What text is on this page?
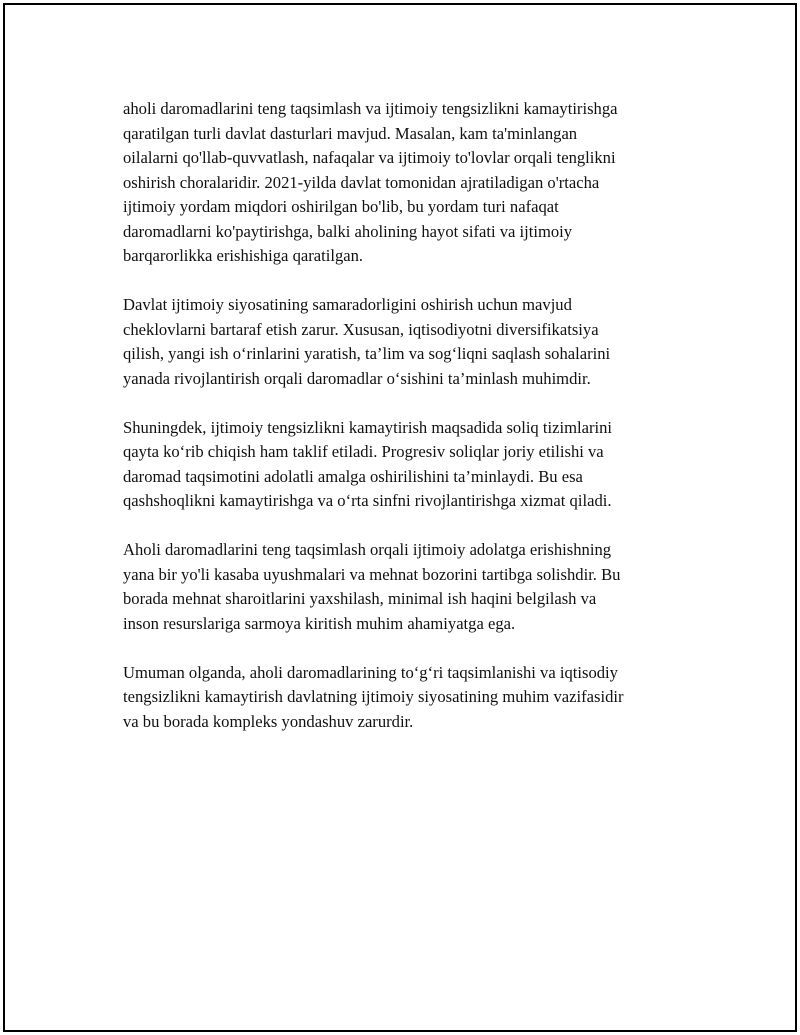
aholi daromadlarini teng taqsimlash va ijtimoiy tengsizlikni kamaytirishga
qaratilgan turli davlat dasturlari mavjud. Masalan, kam ta'minlangan
oilalarni qo'llab-quvvatlash, nafaqalar va ijtimoiy to'lovlar orqali tenglikni
oshirish choralaridir. 2021-yilda davlat tomonidan ajratiladigan o'rtacha
ijtimoiy yordam miqdori oshirilgan bo'lib, bu yordam turi nafaqat
daromadlarni ko'paytirishga, balki aholining hayot sifati va ijtimoiy
barqarorlikka erishishiga qaratilgan.

Davlat ijtimoiy siyosatining samaradorligini oshirish uchun mavjud
cheklovlarni bartaraf etish zarur. Xususan, iqtisodiyotni diversifikatsiya
qilish, yangi ish o‘rinlarini yaratish, ta’lim va sog‘liqni saqlash sohalarini
yanada rivojlantirish orqali daromadlar o‘sishini ta’minlash muhimdir.

Shuningdek, ijtimoiy tengsizlikni kamaytirish maqsadida soliq tizimlarini
qayta ko‘rib chiqish ham taklif etiladi. Progresiv soliqlar joriy etilishi va
daromad taqsimotini adolatli amalga oshirilishini ta’minlaydi. Bu esa
qashshoqlikni kamaytirishga va o‘rta sinfni rivojlantirishga xizmat qiladi.

Aholi daromadlarini teng taqsimlash orqali ijtimoiy adolatga erishishning
yana bir yo'li kasaba uyushmalari va mehnat bozorini tartibga solishdir. Bu
borada mehnat sharoitlarini yaxshilash, minimal ish haqini belgilash va
inson resurslariga sarmoya kiritish muhim ahamiyatga ega.

Umuman olganda, aholi daromadlarining to‘g‘ri taqsimlanishi va iqtisodiy
tengsizlikni kamaytirish davlatning ijtimoiy siyosatining muhim vazifasidir
va bu borada kompleks yondashuv zarurdir.
